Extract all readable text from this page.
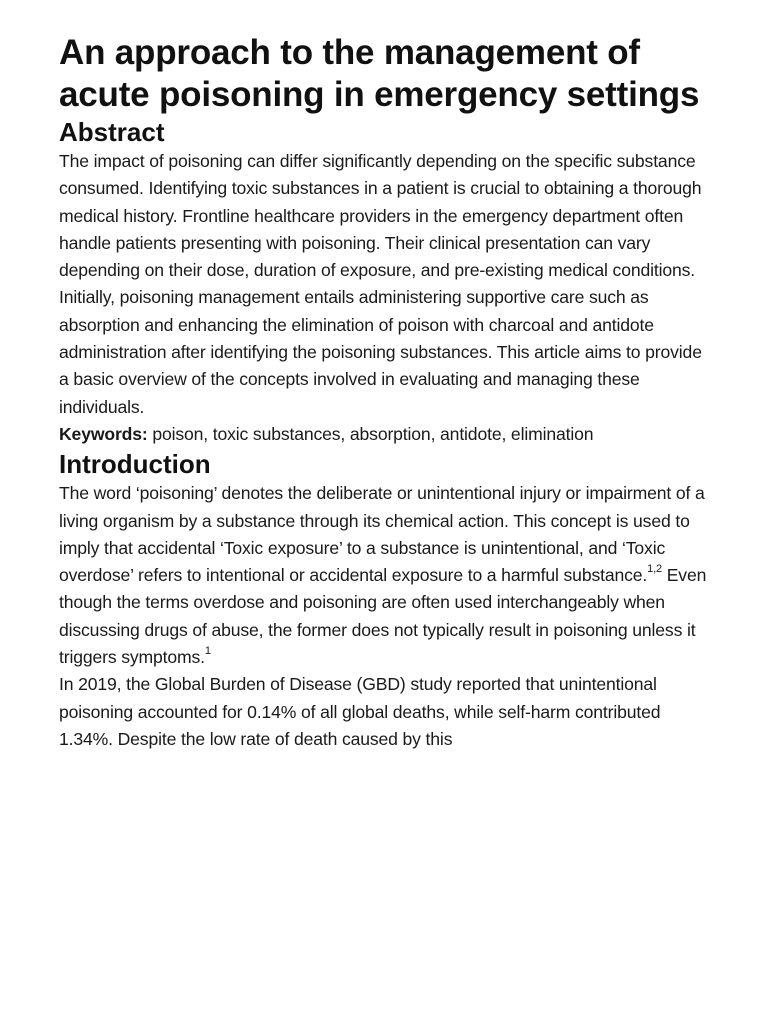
An approach to the management of acute poisoning in emergency settings
Abstract

The impact of poisoning can differ significantly depending on the specific substance consumed. Identifying toxic substances in a patient is crucial to obtaining a thorough medical history. Frontline healthcare providers in the emergency department often handle patients presenting with poisoning. Their clinical presentation can vary depending on their dose, duration of exposure, and pre-existing medical conditions. Initially, poisoning management entails administering supportive care such as absorption and enhancing the elimination of poison with charcoal and antidote administration after identifying the poisoning substances. This article aims to provide a basic overview of the concepts involved in evaluating and managing these individuals.

Keywords: poison, toxic substances, absorption, antidote, elimination

Introduction

The word ‘poisoning’ denotes the deliberate or unintentional injury or impairment of a living organism by a substance through its chemical action. This concept is used to imply that accidental ‘Toxic exposure’ to a substance is unintentional, and ‘Toxic overdose’ refers to intentional or accidental exposure to a harmful substance.$^{1,2}$ Even though the terms overdose and poisoning are often used interchangeably when discussing drugs of abuse, the former does not typically result in poisoning unless it triggers symptoms.$^1$

In 2019, the Global Burden of Disease (GBD) study reported that unintentional poisoning accounted for 0.14% of all global deaths, while self-harm contributed 1.34%. Despite the low rate of death caused by this
